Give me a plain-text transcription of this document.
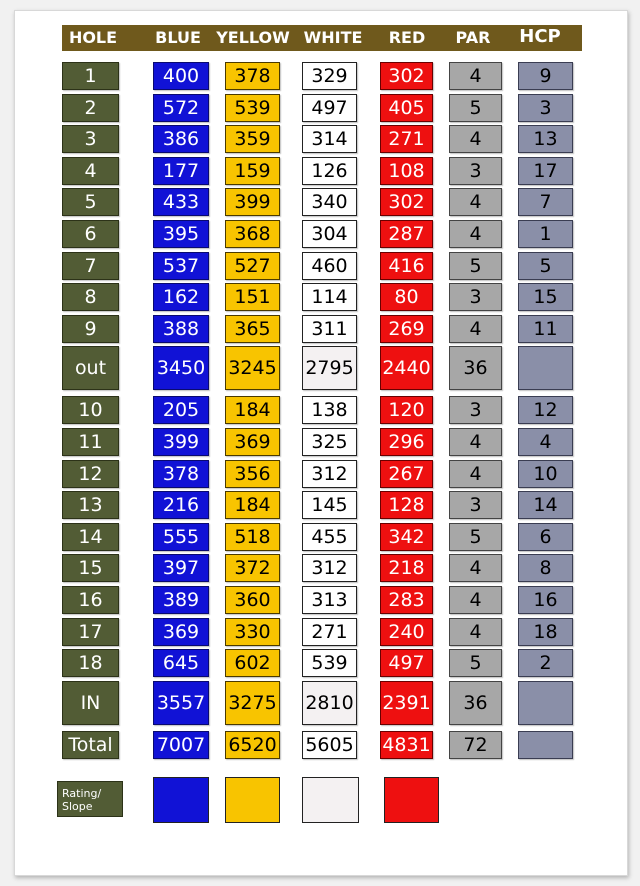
HOLE	BLUE YELLOW WHITE	RED	PAR	HCP
1	400	378	329	302	4	9
2	572	539	497	405	5	3
3	386	359	314	271	4	13
4	177	159	126	108	3	17
5	433	399	340	302	4	7
6	395	368	304	287	4	1
7	537	527	460	416	5	5
8	162	151	114	80	3	15
9	388	365	311	269	4	11
out	3450 3245 2795 2440	36
10	205	184	138	120	3	12
11	399	369	325	296	4	4
12	378	356	312	267	4	10
13	216	184	145	128	3	14
14	555	518	455	342	5	6
15	397	372	312	218	4	8
16	389	360	313	283	4	16
17	369	330	271	240	4	18
18	645	602	539	497	5	2
IN	3557 3275 2810 2391	36
Total	7007 6520 5605 4831	72
Rating/
Slope
